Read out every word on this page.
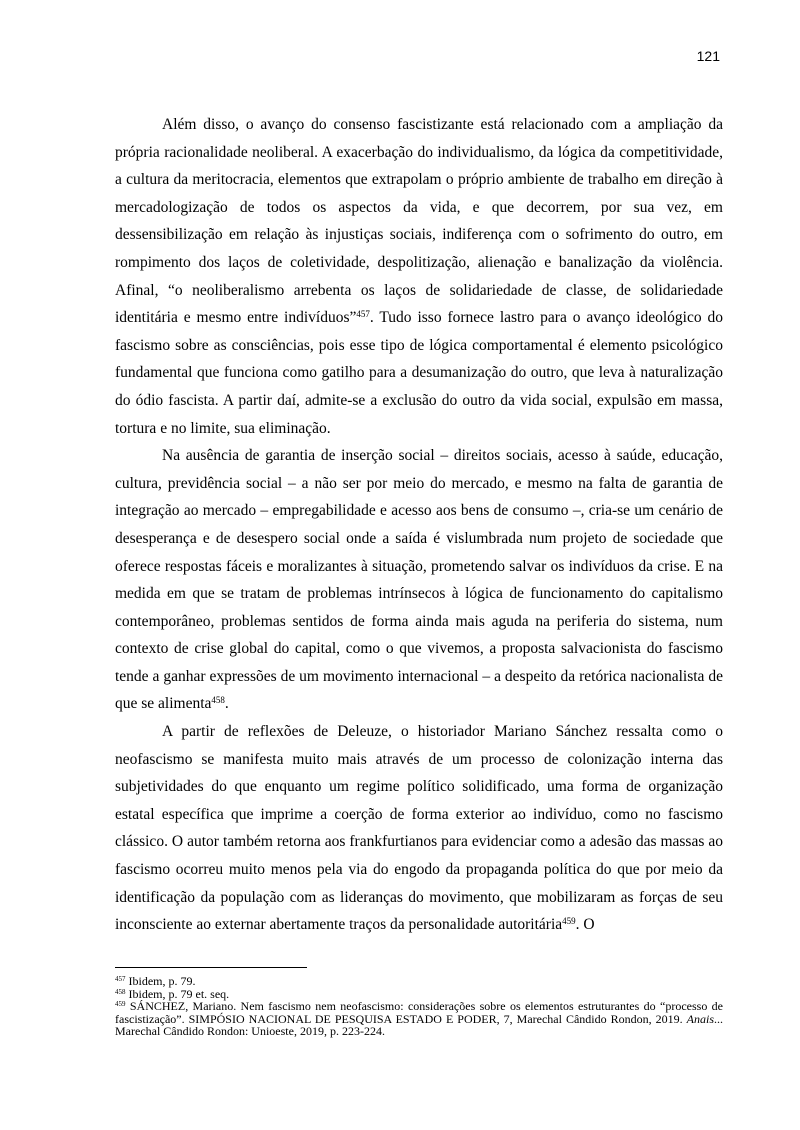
121

Além disso, o avanço do consenso fascistizante está relacionado com a ampliação da própria racionalidade neoliberal. A exacerbação do individualismo, da lógica da competitividade, a cultura da meritocracia, elementos que extrapolam o próprio ambiente de trabalho em direção à mercadologização de todos os aspectos da vida, e que decorrem, por sua vez, em dessensibilização em relação às injustiças sociais, indiferença com o sofrimento do outro, em rompimento dos laços de coletividade, despolitização, alienação e banalização da violência. Afinal, “o neoliberalismo arrebenta os laços de solidariedade de classe, de solidariedade identitária e mesmo entre indivíduos”$^{457}$. Tudo isso fornece lastro para o avanço ideológico do fascismo sobre as consciências, pois esse tipo de lógica comportamental é elemento psicológico fundamental que funciona como gatilho para a desumanização do outro, que leva à naturalização do ódio fascista. A partir daí, admite-se a exclusão do outro da vida social, expulsão em massa, tortura e no limite, sua eliminação.

Na ausência de garantia de inserção social – direitos sociais, acesso à saúde, educação, cultura, previdência social – a não ser por meio do mercado, e mesmo na falta de garantia de integração ao mercado – empregabilidade e acesso aos bens de consumo –, cria-se um cenário de desesperança e de desespero social onde a saída é vislumbrada num projeto de sociedade que oferece respostas fáceis e moralizantes à situação, prometendo salvar os indivíduos da crise. E na medida em que se tratam de problemas intrínsecos à lógica de funcionamento do capitalismo contemporâneo, problemas sentidos de forma ainda mais aguda na periferia do sistema, num contexto de crise global do capital, como o que vivemos, a proposta salvacionista do fascismo tende a ganhar expressões de um movimento internacional – a despeito da retórica nacionalista de que se alimenta$^{458}$.

A partir de reflexões de Deleuze, o historiador Mariano Sánchez ressalta como o neofascismo se manifesta muito mais através de um processo de colonização interna das subjetividades do que enquanto um regime político solidificado, uma forma de organização estatal específica que imprime a coerção de forma exterior ao indivíduo, como no fascismo clássico. O autor também retorna aos frankfurtianos para evidenciar como a adesão das massas ao fascismo ocorreu muito menos pela via do engodo da propaganda política do que por meio da identificação da população com as lideranças do movimento, que mobilizaram as forças de seu inconsciente ao externar abertamente traços da personalidade autoritária$^{459}$. O

$^{457}$ Ibidem, p. 79.

$^{458}$ Ibidem, p. 79 et. seq.

$^{459}$ SÁNCHEZ, Mariano. Nem fascismo nem neofascismo: considerações sobre os elementos estruturantes do “processo de fascistização”. SIMPÓSIO NACIONAL DE PESQUISA ESTADO E PODER, 7, Marechal Cândido Rondon, 2019. Anais... Marechal Cândido Rondon: Unioeste, 2019, p. 223-224.
